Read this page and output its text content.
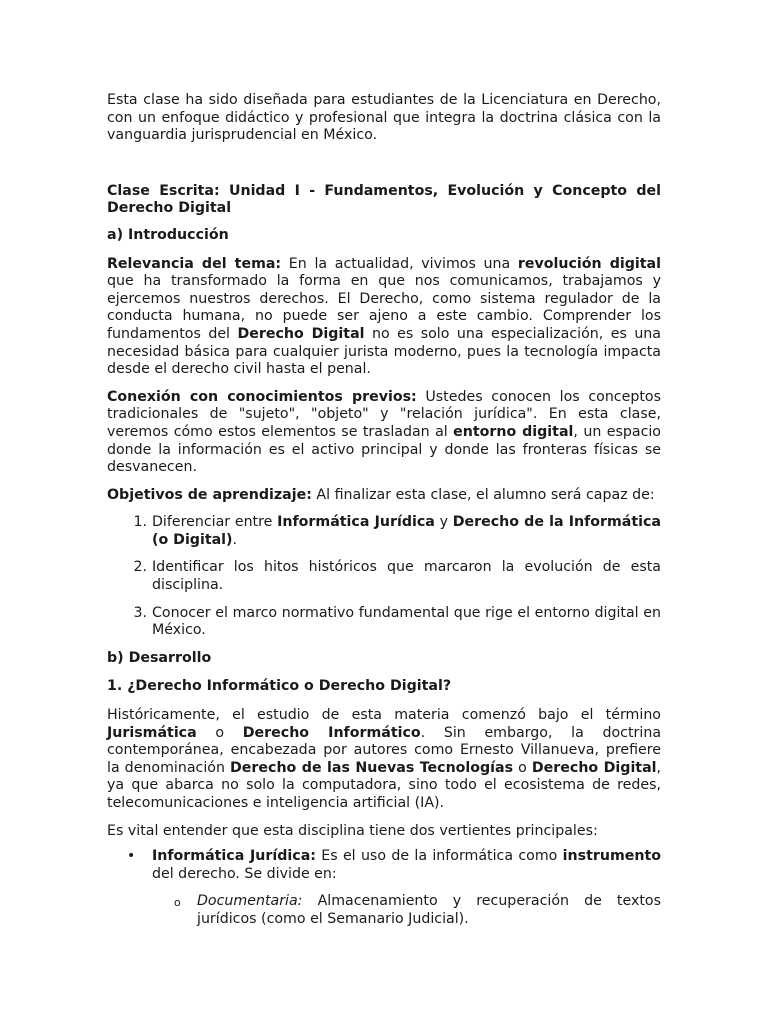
Esta clase ha sido diseñada para estudiantes de la Licenciatura en Derecho, con un enfoque didáctico y profesional que integra la doctrina clásica con la vanguardia jurisprudencial en México.

Clase Escrita: Unidad I - Fundamentos, Evolución y Concepto del Derecho Digital

a) Introducción

Relevancia del tema: En la actualidad, vivimos una revolución digital que ha transformado la forma en que nos comunicamos, trabajamos y ejercemos nuestros derechos. El Derecho, como sistema regulador de la conducta humana, no puede ser ajeno a este cambio. Comprender los fundamentos del Derecho Digital no es solo una especialización, es una necesidad básica para cualquier jurista moderno, pues la tecnología impacta desde el derecho civil hasta el penal.

Conexión con conocimientos previos: Ustedes conocen los conceptos tradicionales de "sujeto", "objeto" y "relación jurídica". En esta clase, veremos cómo estos elementos se trasladan al entorno digital, un espacio donde la información es el activo principal y donde las fronteras físicas se desvanecen.

Objetivos de aprendizaje: Al finalizar esta clase, el alumno será capaz de:

1. Diferenciar entre Informática Jurídica y Derecho de la Informática (o Digital).
2. Identificar los hitos históricos que marcaron la evolución de esta disciplina.
3. Conocer el marco normativo fundamental que rige el entorno digital en México.

b) Desarrollo

1. ¿Derecho Informático o Derecho Digital?

Históricamente, el estudio de esta materia comenzó bajo el término Jurismática o Derecho Informático. Sin embargo, la doctrina contemporánea, encabezada por autores como Ernesto Villanueva, prefiere la denominación Derecho de las Nuevas Tecnologías o Derecho Digital, ya que abarca no solo la computadora, sino todo el ecosistema de redes, telecomunicaciones e inteligencia artificial (IA).

Es vital entender que esta disciplina tiene dos vertientes principales:

• Informática Jurídica: Es el uso de la informática como instrumento del derecho. Se divide en:
o Documentaria: Almacenamiento y recuperación de textos jurídicos (como el Semanario Judicial).
